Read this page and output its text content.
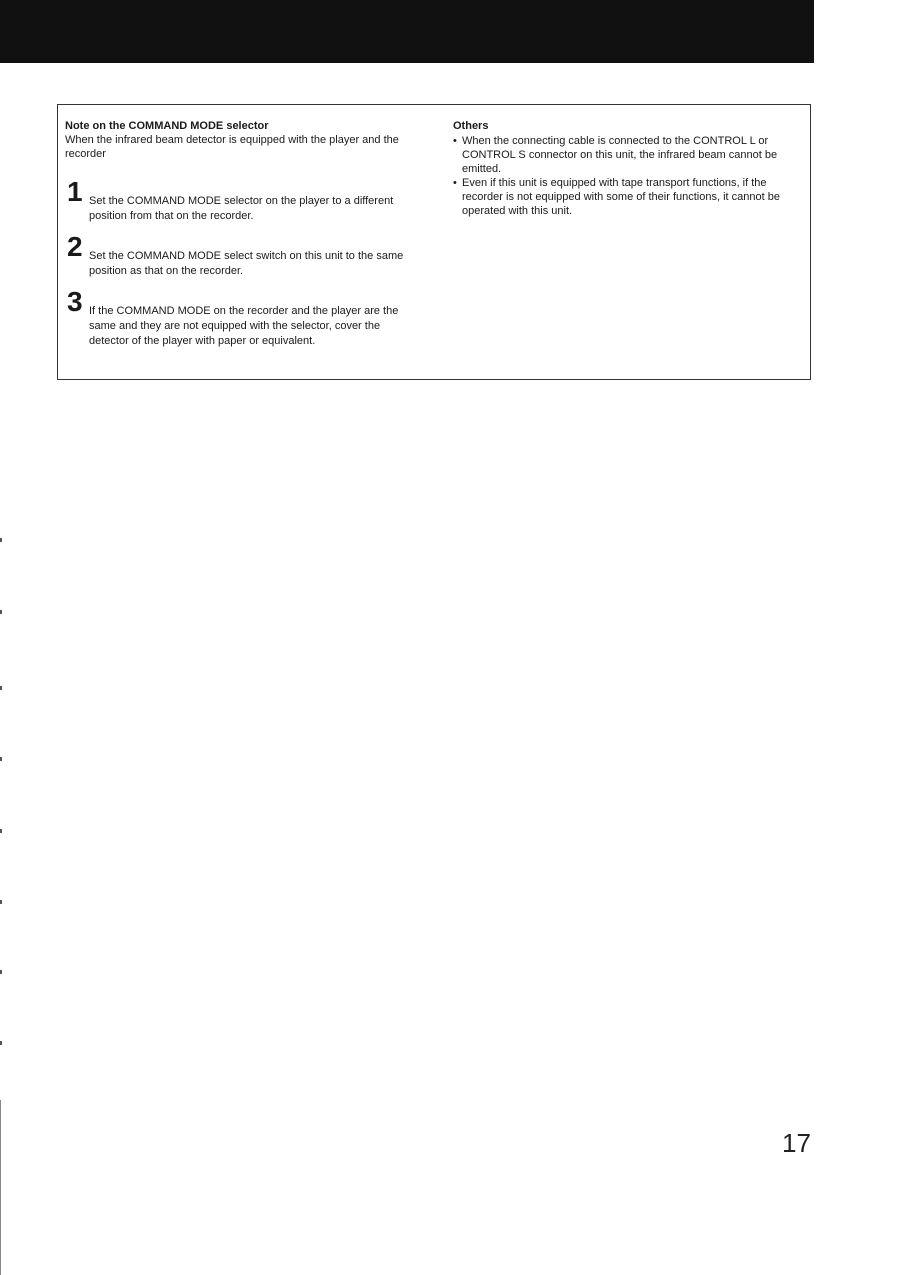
Note on the COMMAND MODE selector

When the infrared beam detector is equipped with the player and the recorder

1 Set the COMMAND MODE selector on the player to a different position from that on the recorder.
2 Set the COMMAND MODE select switch on this unit to the same position as that on the recorder.
3 If the COMMAND MODE on the recorder and the player are the same and they are not equipped with the selector, cover the detector of the player with paper or equivalent.

Others

• When the connecting cable is connected to the CONTROL L or CONTROL S connector on this unit, the infrared beam cannot be emitted.
• Even if this unit is equipped with tape transport functions, if the recorder is not equipped with some of their functions, it cannot be operated with this unit.
17
